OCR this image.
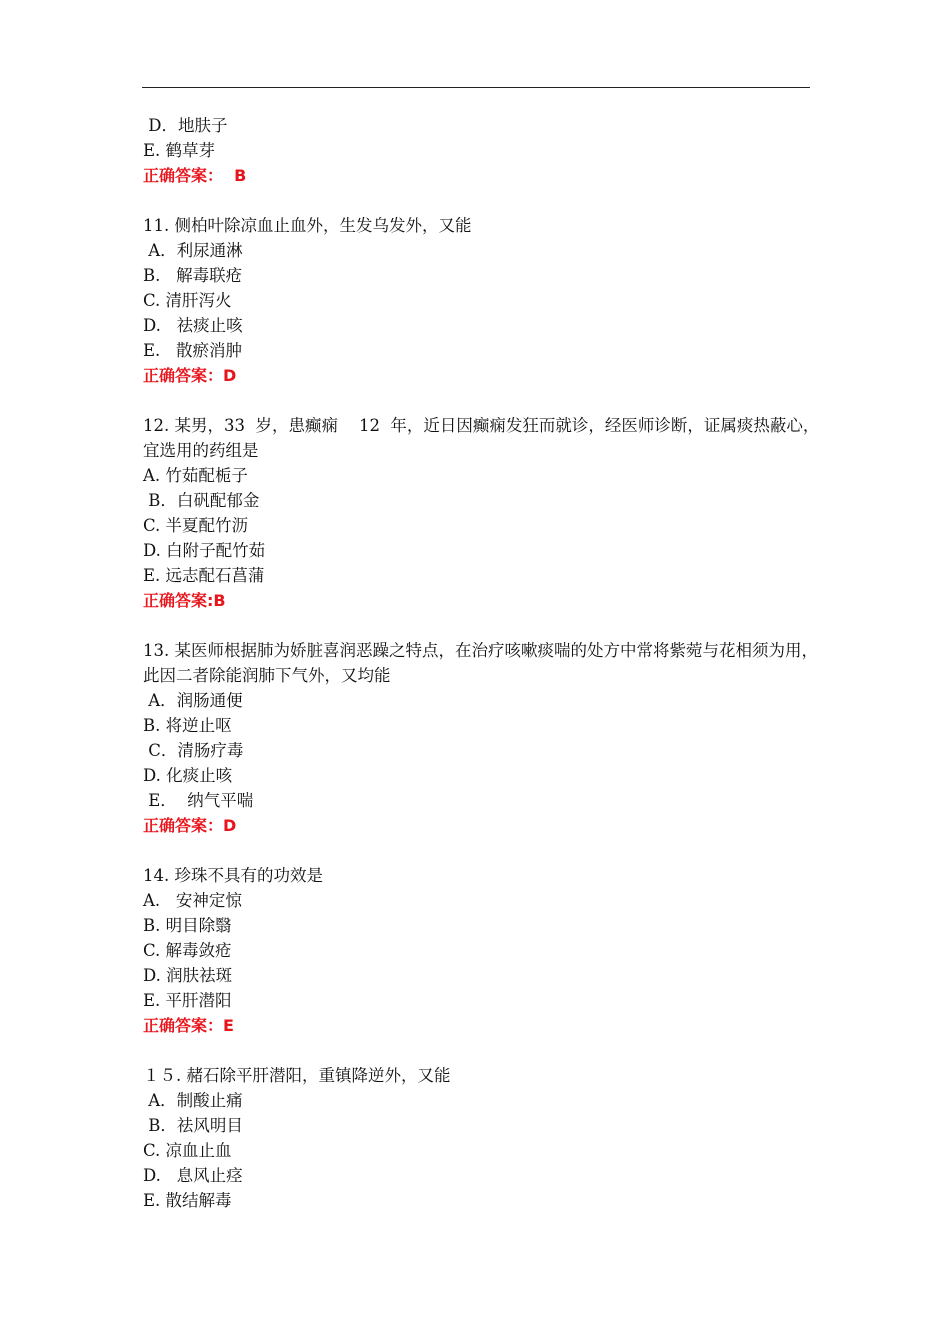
D．地肤子
E. 鹤草芽
正确答案：  B
11. 侧柏叶除凉血止血外，生发乌发外，又能
A．利尿通淋
B.   解毒联疮
C. 清肝泻火
D.   祛痰止咳
E.   散瘀消肿
正确答案：D
12. 某男，33  岁，患癫痫    12  年，近日因癫痫发狂而就诊，经医师诊断，证属痰热蔽心，宜选用的药组是
A. 竹茹配栀子
B．白矾配郁金
C. 半夏配竹沥
D. 白附子配竹茹
E. 远志配石菖蒲
正确答案:B
13. 某医师根据肺为娇脏喜润恶躁之特点，在治疗咳嗽痰喘的处方中常将紫菀与花相须为用，此因二者除能润肺下气外，又均能
A．润肠通便
B. 将逆止呕
C．清肠疗毒
D. 化痰止咳
E．  纳气平喘
正确答案：D
14. 珍珠不具有的功效是
A.   安神定惊
B. 明目除翳
C. 解毒敛疮
D. 润肤祛斑
E. 平肝潜阳
正确答案：E
１５. 赭石除平肝潜阳，重镇降逆外，又能
A．制酸止痛
B．祛风明目
C. 凉血止血
D.   息风止痉
E. 散结解毒
